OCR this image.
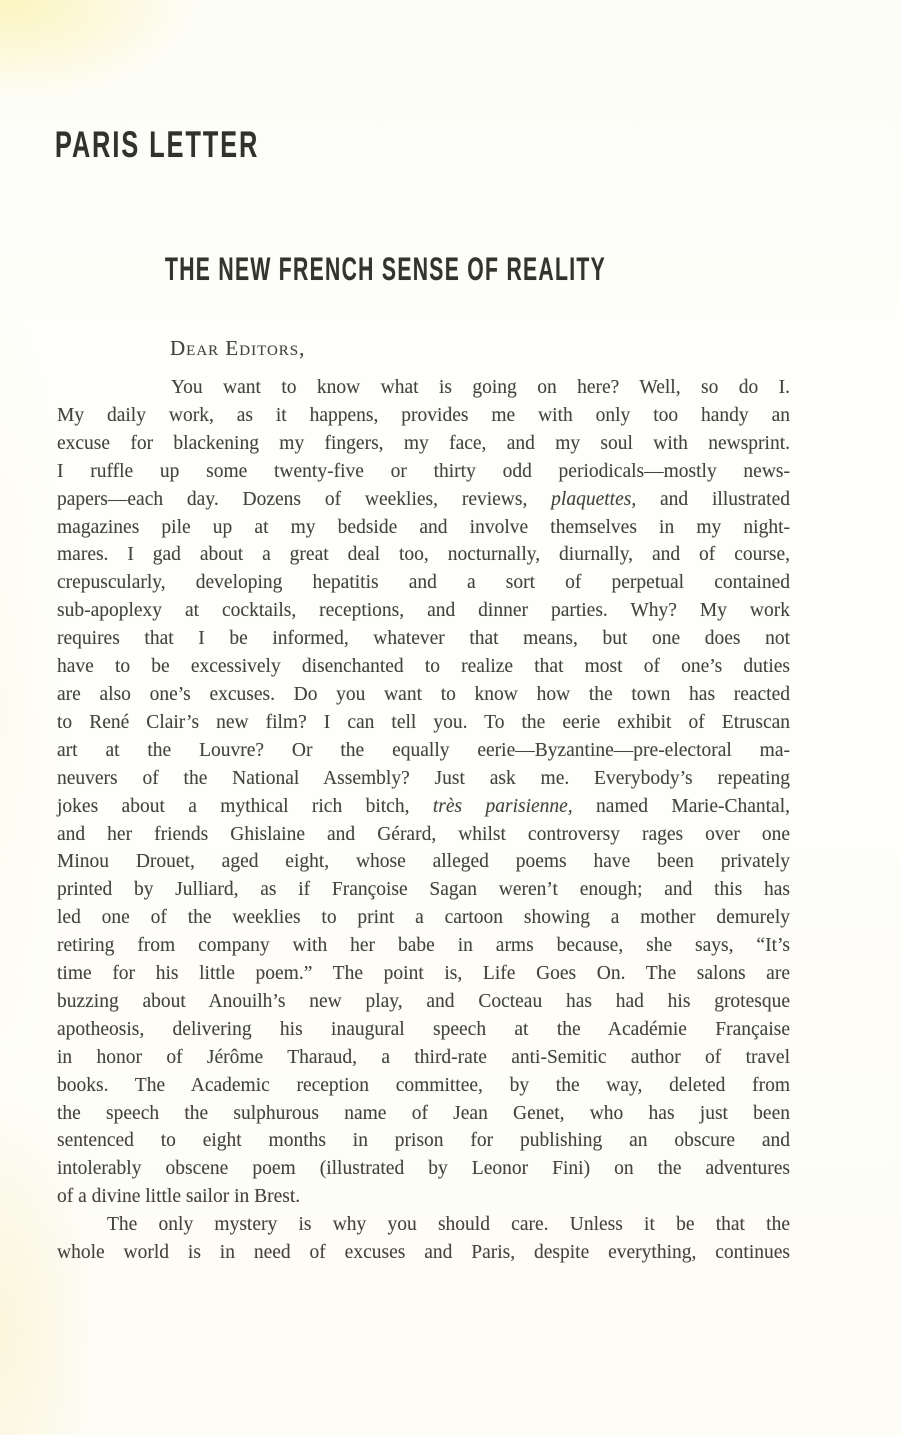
PARIS LETTER
THE NEW FRENCH SENSE OF REALITY
Dear Editors,
You want to know what is going on here? Well, so do I.
My daily work, as it happens, provides me with only too handy an
excuse for blackening my fingers, my face, and my soul with newsprint.
I ruffle up some twenty-five or thirty odd periodicals—mostly news-
papers—each day. Dozens of weeklies, reviews, plaquettes, and illustrated
magazines pile up at my bedside and involve themselves in my night-
mares. I gad about a great deal too, nocturnally, diurnally, and of course,
crepuscularly, developing hepatitis and a sort of perpetual contained
sub-apoplexy at cocktails, receptions, and dinner parties. Why? My work
requires that I be informed, whatever that means, but one does not
have to be excessively disenchanted to realize that most of one’s duties
are also one’s excuses. Do you want to know how the town has reacted
to René Clair’s new film? I can tell you. To the eerie exhibit of Etruscan
art at the Louvre? Or the equally eerie—Byzantine—pre-electoral ma-
neuvers of the National Assembly? Just ask me. Everybody’s repeating
jokes about a mythical rich bitch, très parisienne, named Marie-Chantal,
and her friends Ghislaine and Gérard, whilst controversy rages over one
Minou Drouet, aged eight, whose alleged poems have been privately
printed by Julliard, as if Françoise Sagan weren’t enough; and this has
led one of the weeklies to print a cartoon showing a mother demurely
retiring from company with her babe in arms because, she says, “It’s
time for his little poem.” The point is, Life Goes On. The salons are
buzzing about Anouilh’s new play, and Cocteau has had his grotesque
apotheosis, delivering his inaugural speech at the Académie Française
in honor of Jérôme Tharaud, a third-rate anti-Semitic author of travel
books. The Academic reception committee, by the way, deleted from
the speech the sulphurous name of Jean Genet, who has just been
sentenced to eight months in prison for publishing an obscure and
intolerably obscene poem (illustrated by Leonor Fini) on the adventures
of a divine little sailor in Brest.
The only mystery is why you should care. Unless it be that the
whole world is in need of excuses and Paris, despite everything, continues
